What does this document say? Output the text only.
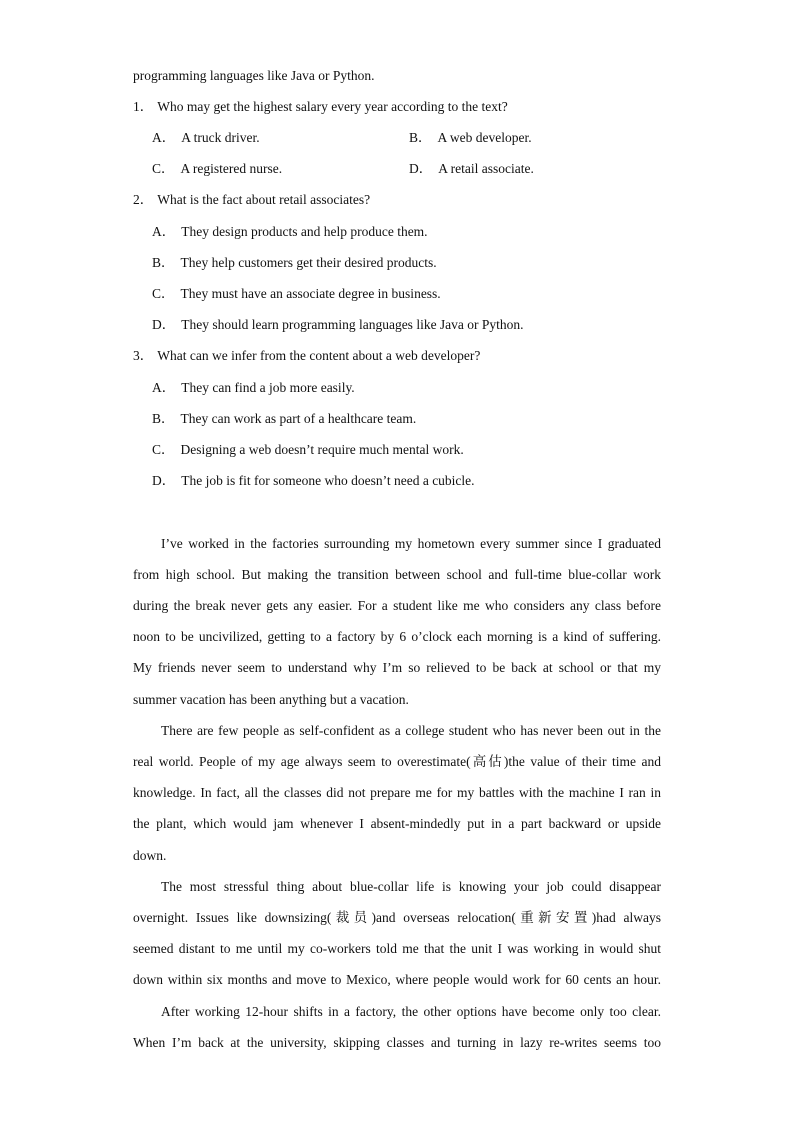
programming languages like Java or Python.
1． Who may get the highest salary every year according to the text?
A． A truck driver.	B． A web developer.
C． A registered nurse.	D． A retail associate.
2． What is the fact about retail associates?
A． They design products and help produce them.
B． They help customers get their desired products.
C． They must have an associate degree in business.
D． They should learn programming languages like Java or Python.
3． What can we infer from the content about a web developer?
A． They can find a job more easily.
B． They can work as part of a healthcare team.
C． Designing a web doesn’t require much mental work.
D． The job is fit for someone who doesn’t need a cubicle.
I’ve worked in the factories surrounding my hometown every summer since I graduated
from high school. But making the transition between school and full-time blue-collar work
during the break never gets any easier. For a student like me who considers any class before
noon to be uncivilized, getting to a factory by 6 o’clock each morning is a kind of suffering.
My friends never seem to understand why I’m so relieved to be back at school or that my
summer vacation has been anything but a vacation.
There are few people as self-confident as a college student who has never been out in the
real world. People of my age always seem to overestimate(高估)the value of their time and
knowledge. In fact, all the classes did not prepare me for my battles with the machine I ran in
the plant, which would jam whenever I absent-mindedly put in a part backward or upside
down.
The most stressful thing about blue-collar life is knowing your job could disappear
overnight. Issues like downsizing(裁员)and overseas relocation(重新安置)had always
seemed distant to me until my co-workers told me that the unit I was working in would shut
down within six months and move to Mexico, where people would work for 60 cents an hour.
After working 12-hour shifts in a factory, the other options have become only too clear.
When I’m back at the university, skipping classes and turning in lazy re-writes seems too
